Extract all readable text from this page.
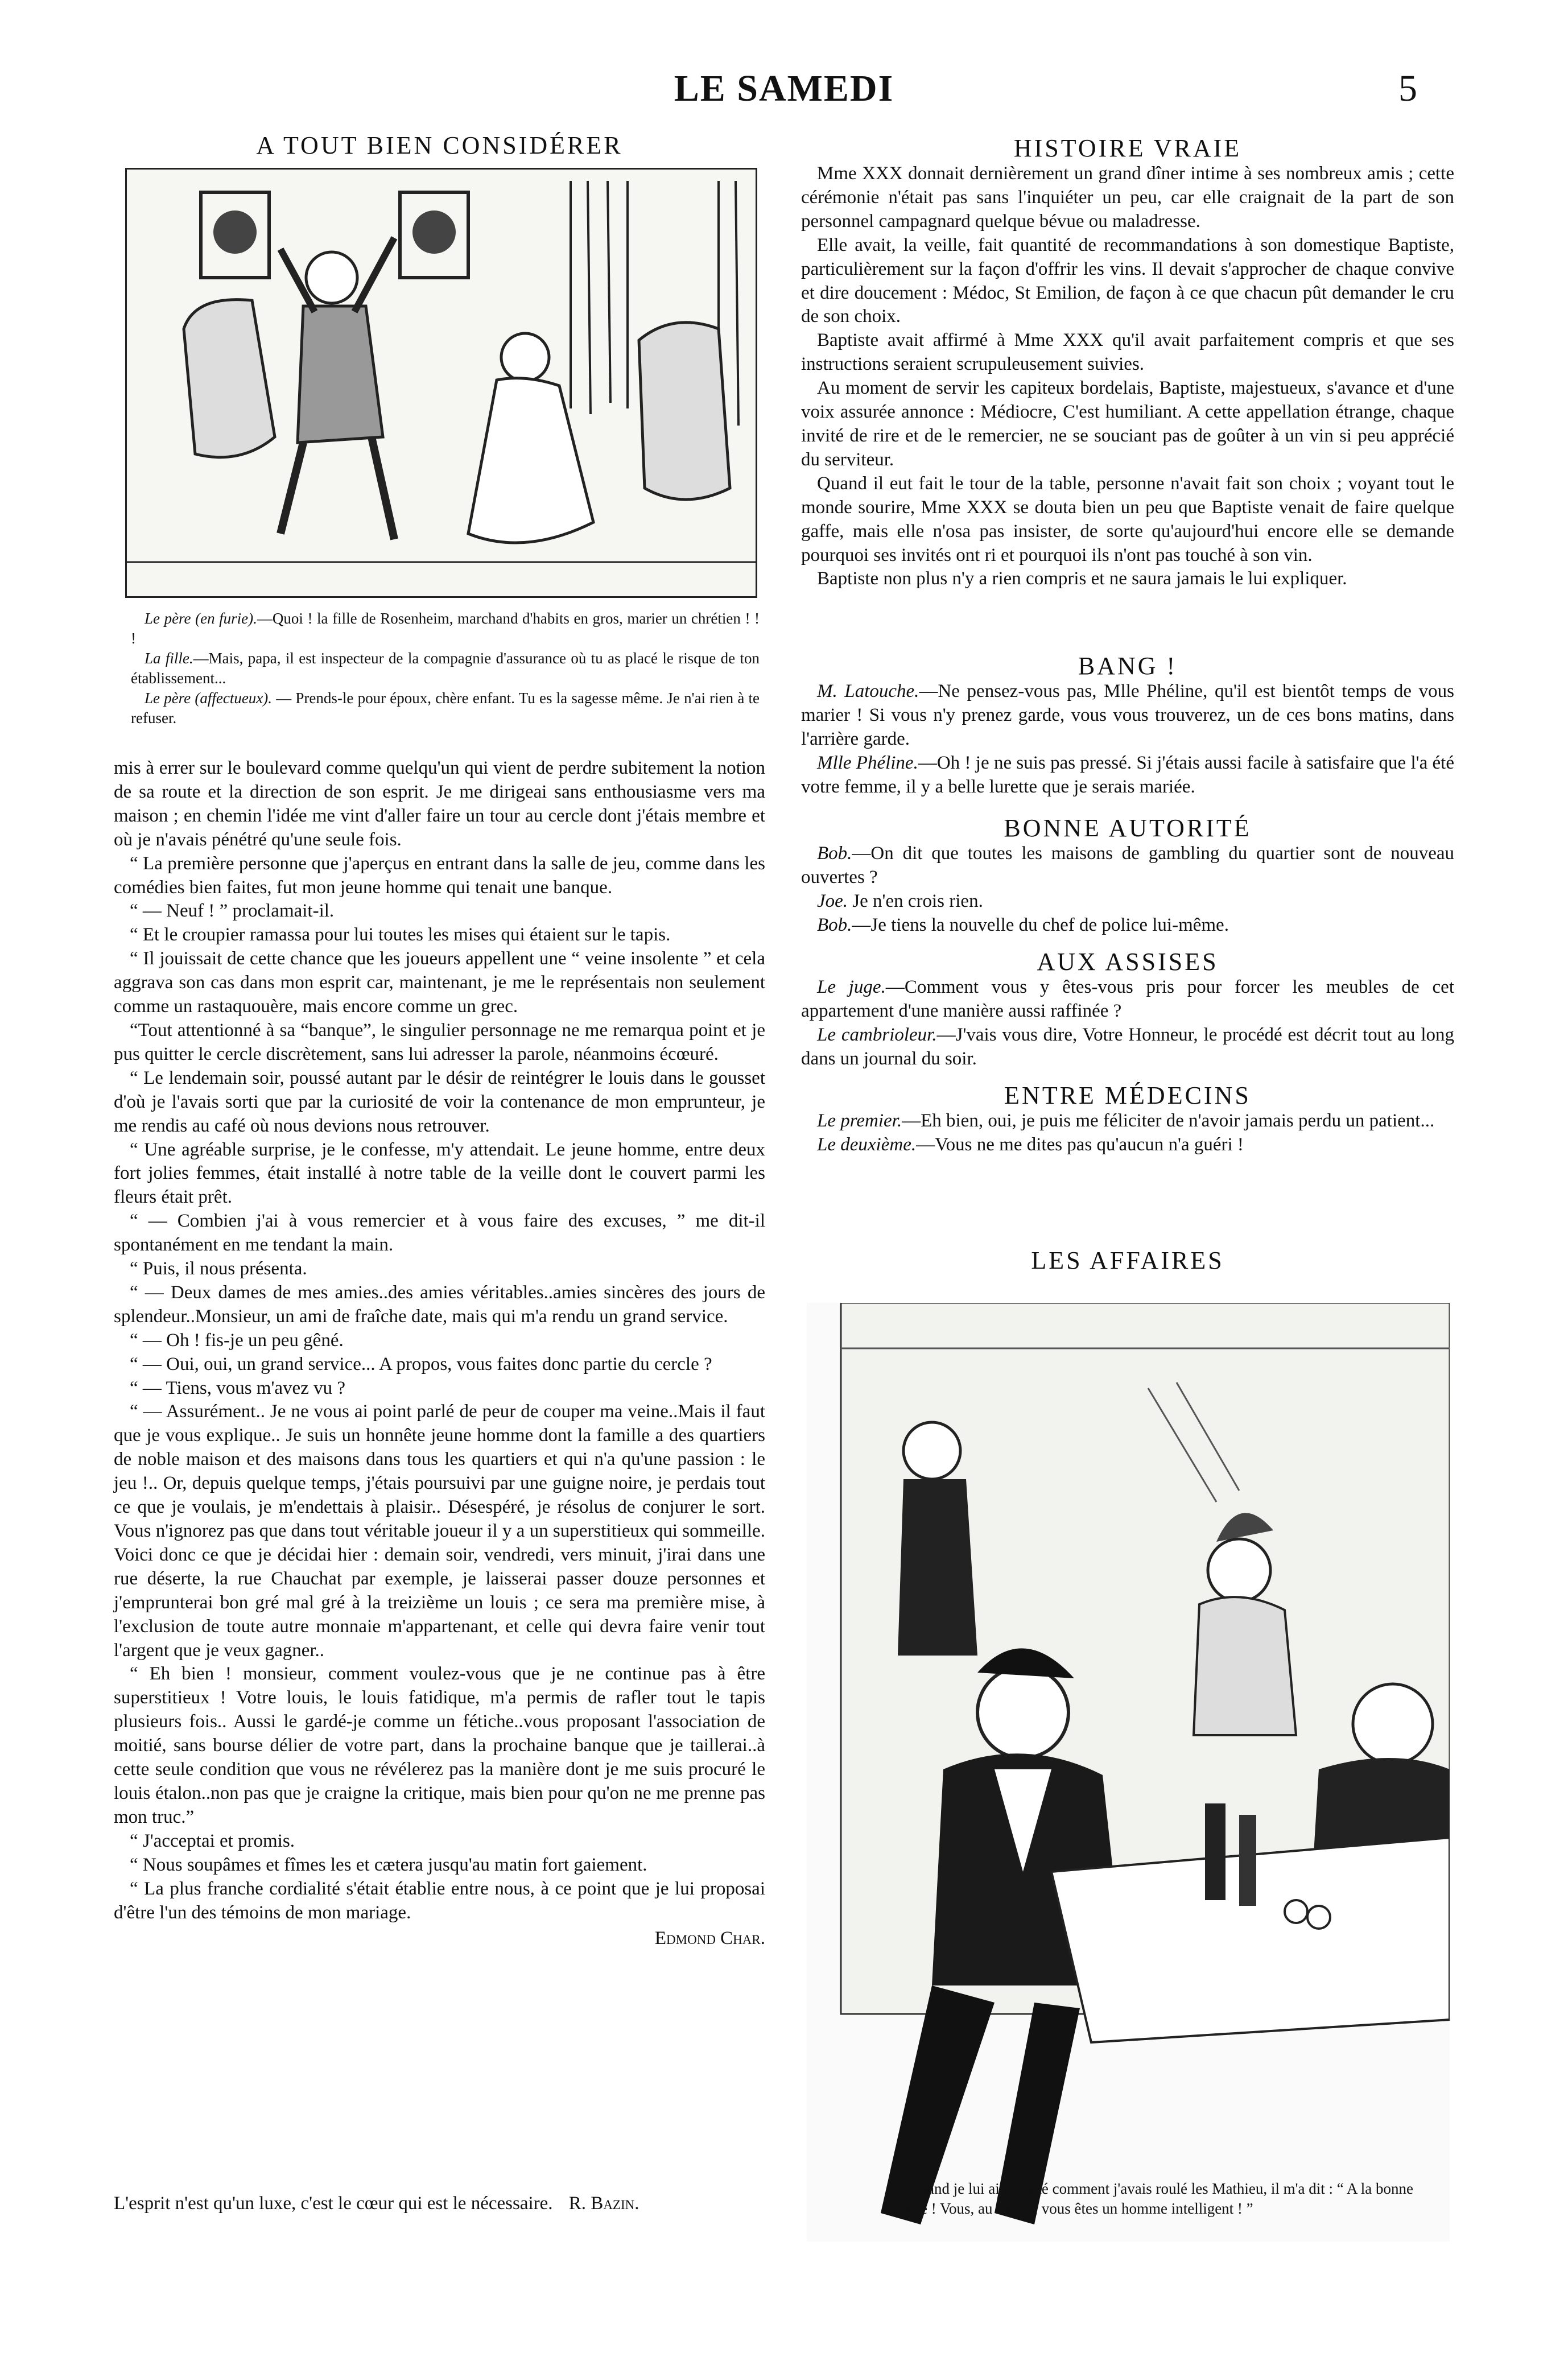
LE SAMEDI	5
A TOUT BIEN CONSIDÉRER

Le père (en furie).—Quoi ! la fille de Rosenheim, marchand d'habits en gros, marier un chrétien ! ! !

La fille.—Mais, papa, il est inspecteur de la compagnie d'assurance où tu as placé le risque de ton établissement...

Le père (affectueux). — Prends-le pour époux, chère enfant. Tu es la sagesse même. Je n'ai rien à te refuser.

mis à errer sur le boulevard comme quelqu'un qui vient de perdre subitement la notion de sa route et la direction de son esprit. Je me dirigeai sans enthousiasme vers ma maison ; en chemin l'idée me vint d'aller faire un tour au cercle dont j'étais membre et où je n'avais pénétré qu'une seule fois.

“ La première personne que j'aperçus en entrant dans la salle de jeu, comme dans les comédies bien faites, fut mon jeune homme qui tenait une banque.

“ — Neuf ! ” proclamait-il.

“ Et le croupier ramassa pour lui toutes les mises qui étaient sur le tapis.

“ Il jouissait de cette chance que les joueurs appellent une “ veine insolente ” et cela aggrava son cas dans mon esprit car, maintenant, je me le représentais non seulement comme un rastaquouère, mais encore comme un grec.

“Tout attentionné à sa “banque”, le singulier personnage ne me remarqua point et je pus quitter le cercle discrètement, sans lui adresser la parole, néanmoins écœuré.

“ Le lendemain soir, poussé autant par le désir de reintégrer le louis dans le gousset d'où je l'avais sorti que par la curiosité de voir la contenance de mon emprunteur, je me rendis au café où nous devions nous retrouver.

“ Une agréable surprise, je le confesse, m'y attendait. Le jeune homme, entre deux fort jolies femmes, était installé à notre table de la veille dont le couvert parmi les fleurs était prêt.

“ — Combien j'ai à vous remercier et à vous faire des excuses, ” me dit-il spontanément en me tendant la main.

“ Puis, il nous présenta.

“ — Deux dames de mes amies..des amies véritables..amies sincères des jours de splendeur..Monsieur, un ami de fraîche date, mais qui m'a rendu un grand service.

“ — Oh ! fis-je un peu gêné.

“ — Oui, oui, un grand service... A propos, vous faites donc partie du cercle ?

“ — Tiens, vous m'avez vu ?

“ — Assurément.. Je ne vous ai point parlé de peur de couper ma veine..Mais il faut que je vous explique.. Je suis un honnête jeune homme dont la famille a des quartiers de noble maison et des maisons dans tous les quartiers et qui n'a qu'une passion : le jeu !.. Or, depuis quelque temps, j'étais poursuivi par une guigne noire, je perdais tout ce que je voulais, je m'endettais à plaisir.. Désespéré, je résolus de conjurer le sort. Vous n'ignorez pas que dans tout véritable joueur il y a un superstitieux qui sommeille. Voici donc ce que je décidai hier : demain soir, vendredi, vers minuit, j'irai dans une rue déserte, la rue Chauchat par exemple, je laisserai passer douze personnes et j'emprunterai bon gré mal gré à la treizième un louis ; ce sera ma première mise, à l'exclusion de toute autre monnaie m'appartenant, et celle qui devra faire venir tout l'argent que je veux gagner..

“ Eh bien ! monsieur, comment voulez-vous que je ne continue pas à être superstitieux ! Votre louis, le louis fatidique, m'a permis de rafler tout le tapis plusieurs fois.. Aussi le gardé-je comme un fétiche..vous proposant l'association de moitié, sans bourse délier de votre part, dans la prochaine banque que je taillerai..à cette seule condition que vous ne révélerez pas la manière dont je me suis procuré le louis étalon..non pas que je craigne la critique, mais bien pour qu'on ne me prenne pas mon truc.”

“ J'acceptai et promis.

“ Nous soupâmes et fîmes les et cætera jusqu'au matin fort gaiement.

“ La plus franche cordialité s'était établie entre nous, à ce point que je lui proposai d'être l'un des témoins de mon mariage.

Edmond Char.

L'esprit n'est qu'un luxe, c'est le cœur qui est le nécessaire. R. Bazin.
HISTOIRE VRAIE

Mme XXX donnait dernièrement un grand dîner intime à ses nombreux amis ; cette cérémonie n'était pas sans l'inquiéter un peu, car elle craignait de la part de son personnel campagnard quelque bévue ou maladresse.

Elle avait, la veille, fait quantité de recommandations à son domestique Baptiste, particulièrement sur la façon d'offrir les vins. Il devait s'approcher de chaque convive et dire doucement : Médoc, St Emilion, de façon à ce que chacun pût demander le cru de son choix.

Baptiste avait affirmé à Mme XXX qu'il avait parfaitement compris et que ses instructions seraient scrupuleusement suivies.

Au moment de servir les capiteux bordelais, Baptiste, majestueux, s'avance et d'une voix assurée annonce : Médiocre, C'est humiliant. A cette appellation étrange, chaque invité de rire et de le remercier, ne se souciant pas de goûter à un vin si peu apprécié du serviteur.

Quand il eut fait le tour de la table, personne n'avait fait son choix ; voyant tout le monde sourire, Mme XXX se douta bien un peu que Baptiste venait de faire quelque gaffe, mais elle n'osa pas insister, de sorte qu'aujourd'hui encore elle se demande pourquoi ses invités ont ri et pourquoi ils n'ont pas touché à son vin.

Baptiste non plus n'y a rien compris et ne saura jamais le lui expliquer.

BANG !

M. Latouche.—Ne pensez-vous pas, Mlle Phéline, qu'il est bientôt temps de vous marier ! Si vous n'y prenez garde, vous vous trouverez, un de ces bons matins, dans l'arrière garde.

Mlle Phéline.—Oh ! je ne suis pas pressé. Si j'étais aussi facile à satisfaire que l'a été votre femme, il y a belle lurette que je serais mariée.

BONNE AUTORITÉ

Bob.—On dit que toutes les maisons de gambling du quartier sont de nouveau ouvertes ?

Joe. Je n'en crois rien.

Bob.—Je tiens la nouvelle du chef de police lui-même.

AUX ASSISES

Le juge.—Comment vous y êtes-vous pris pour forcer les meubles de cet appartement d'une manière aussi raffinée ?

Le cambrioleur.—J'vais vous dire, Votre Honneur, le procédé est décrit tout au long dans un journal du soir.

ENTRE MÉDECINS

Le premier.—Eh bien, oui, je puis me féliciter de n'avoir jamais perdu un patient...

Le deuxième.—Vous ne me dites pas qu'aucun n'a guéri !

LES AFFAIRES
—Quand je lui ai raconté comment j'avais roulé les Mathieu, il m'a dit : “ A la bonne heure ! Vous, au moins, vous êtes un homme intelligent ! ”
